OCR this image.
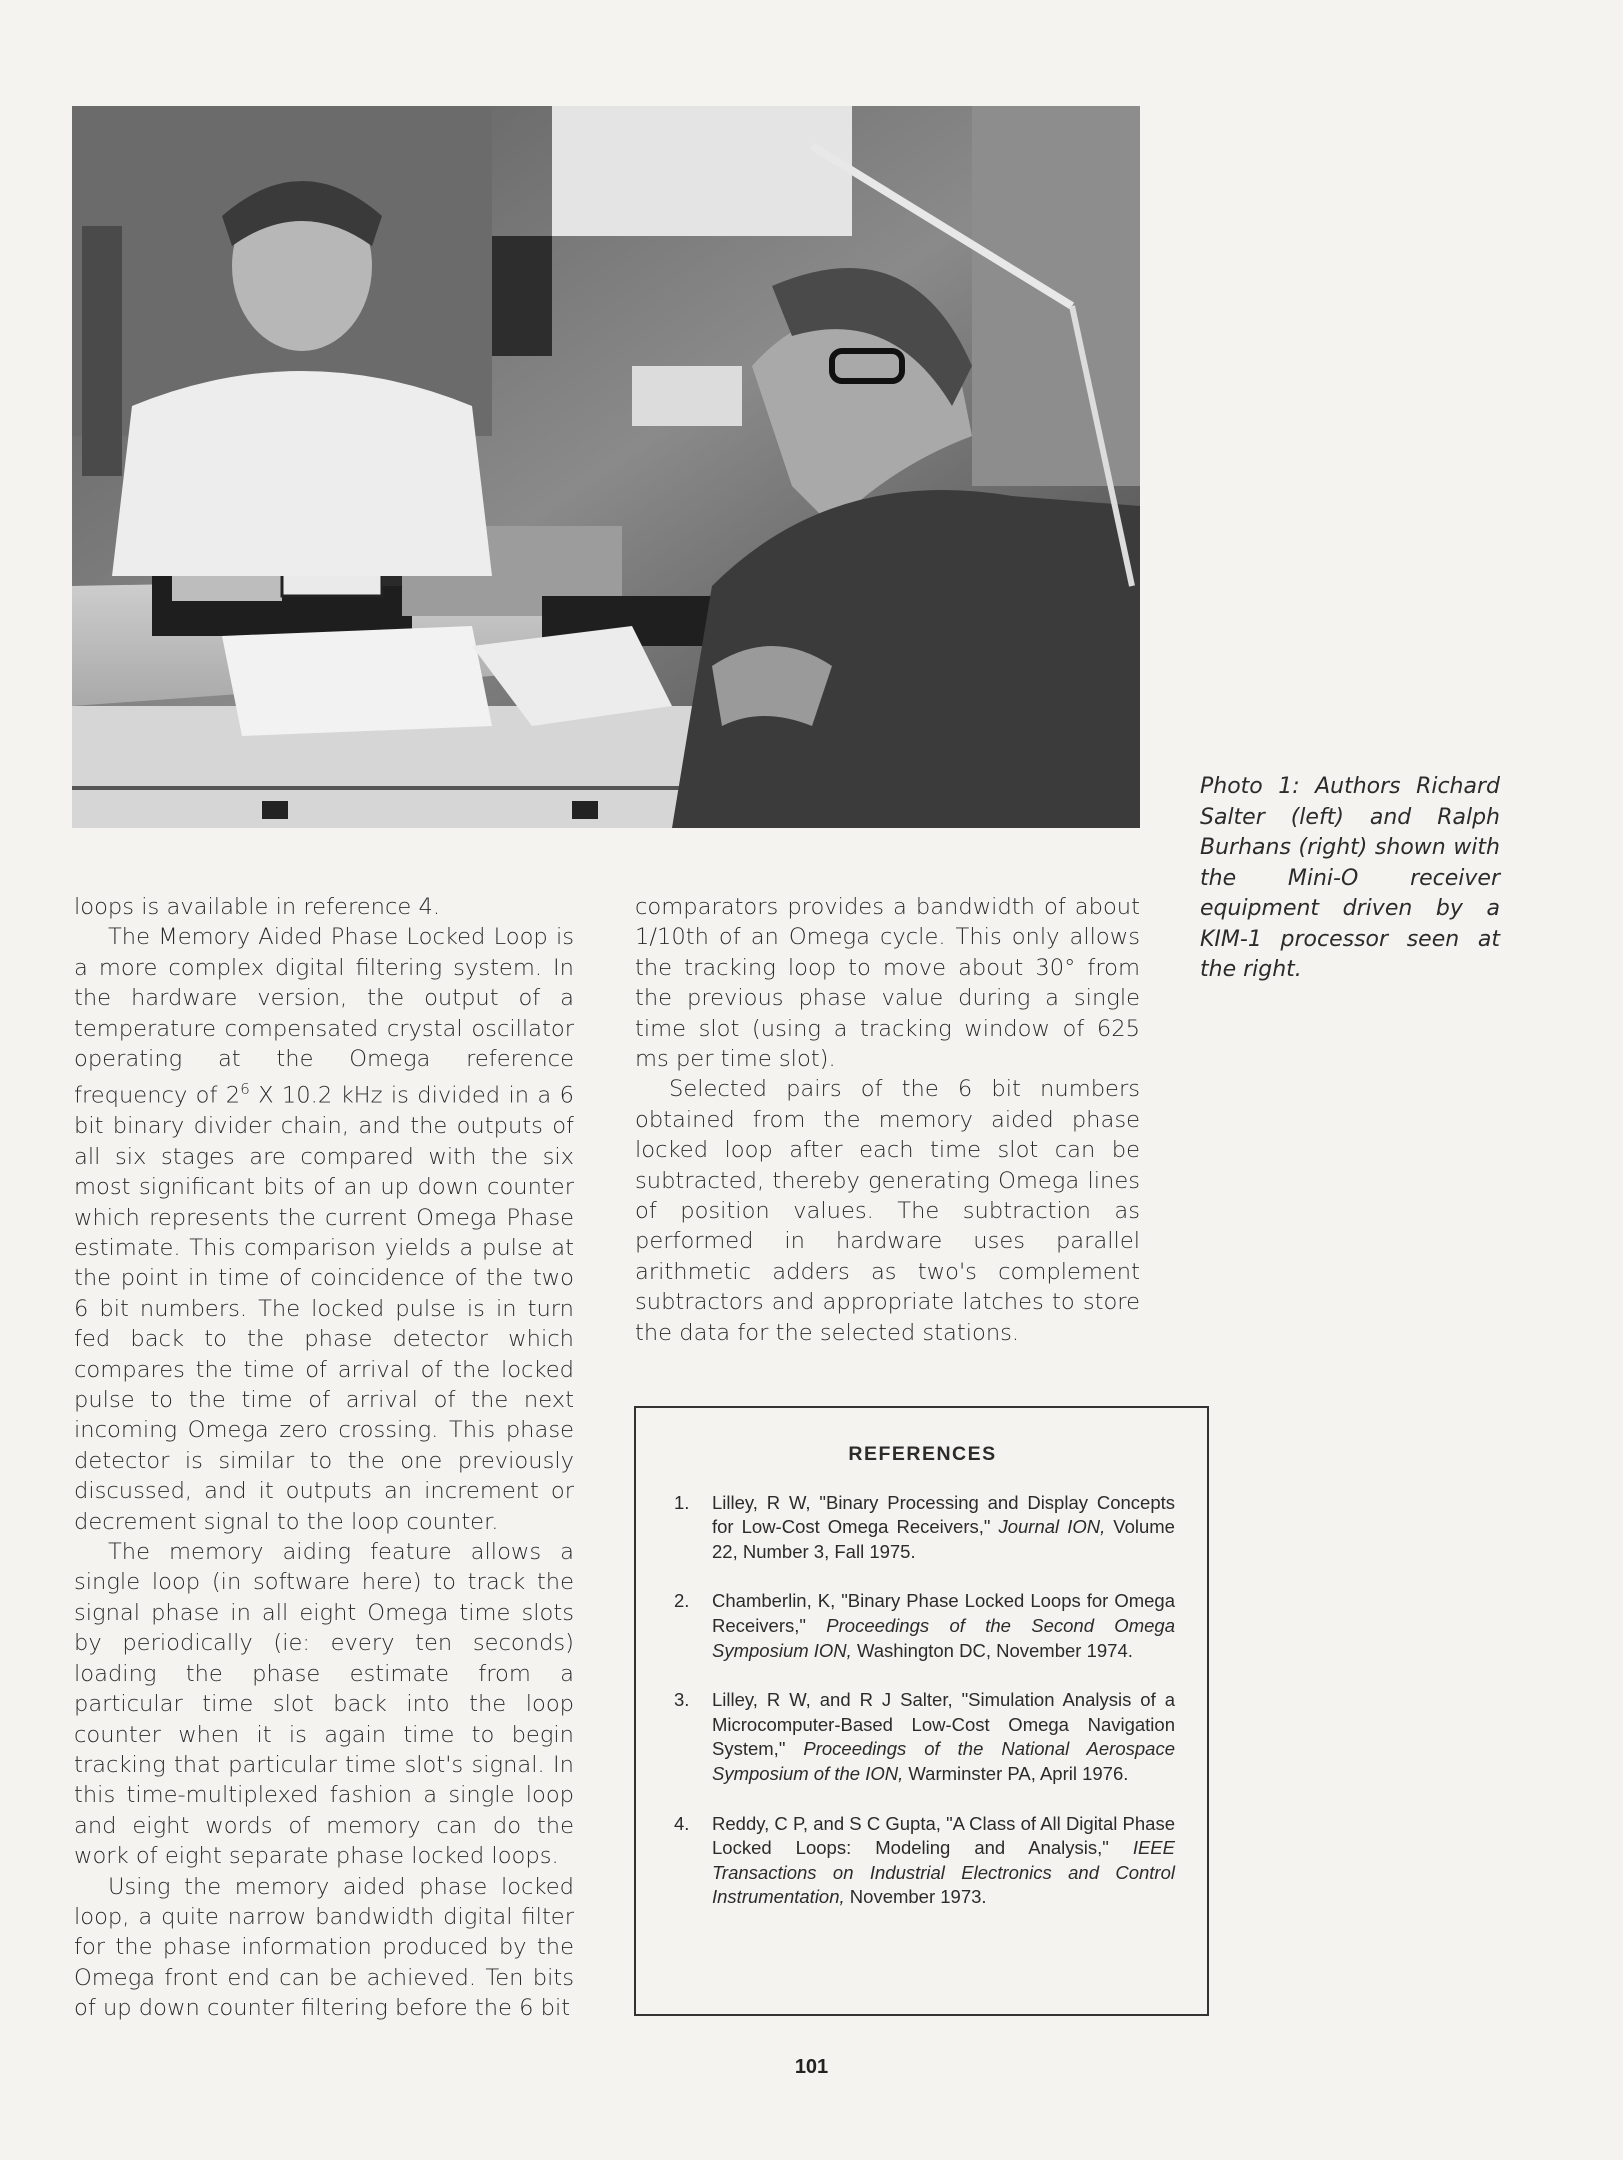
Photo 1: Authors Richard Salter (left) and Ralph Burhans (right) shown with the Mini-O receiver equipment driven by a KIM-1 processor seen at the right.

loops is available in reference 4.

The Memory Aided Phase Locked Loop is a more complex digital filtering system. In the hardware version, the output of a temperature compensated crystal oscillator operating at the Omega reference frequency of $2^6$ X 10.2 kHz is divided in a 6 bit binary divider chain, and the outputs of all six stages are compared with the six most significant bits of an up down counter which represents the current Omega Phase estimate. This comparison yields a pulse at the point in time of coincidence of the two 6 bit numbers. The locked pulse is in turn fed back to the phase detector which compares the time of arrival of the locked pulse to the time of arrival of the next incoming Omega zero crossing. This phase detector is similar to the one previously discussed, and it outputs an increment or decrement signal to the loop counter.

The memory aiding feature allows a single loop (in software here) to track the signal phase in all eight Omega time slots by periodically (ie: every ten seconds) loading the phase estimate from a particular time slot back into the loop counter when it is again time to begin tracking that particular time slot's signal. In this time-multiplexed fashion a single loop and eight words of memory can do the work of eight separate phase locked loops.

Using the memory aided phase locked loop, a quite narrow bandwidth digital filter for the phase information produced by the Omega front end can be achieved. Ten bits of up down counter filtering before the 6 bit

comparators provides a bandwidth of about 1/10th of an Omega cycle. This only allows the tracking loop to move about 30° from the previous phase value during a single time slot (using a tracking window of 625 ms per time slot).

Selected pairs of the 6 bit numbers obtained from the memory aided phase locked loop after each time slot can be subtracted, thereby generating Omega lines of position values. The subtraction as performed in hardware uses parallel arithmetic adders as two's complement subtractors and appropriate latches to store the data for the selected stations.

REFERENCES
1.	Lilley, R W, "Binary Processing and Display Concepts for Low-Cost Omega Receivers," Journal ION, Volume 22, Number 3, Fall 1975.
2.	Chamberlin, K, "Binary Phase Locked Loops for Omega Receivers," Proceedings of the Second Omega Symposium ION, Washington DC, November 1974.
3.	Lilley, R W, and R J Salter, "Simulation Analysis of a Microcomputer-Based Low-Cost Omega Navigation System," Proceedings of the National Aerospace Symposium of the ION, Warminster PA, April 1976.
4.	Reddy, C P, and S C Gupta, "A Class of All Digital Phase Locked Loops: Modeling and Analysis," IEEE Transactions on Industrial Electronics and Control Instrumentation, November 1973.
101
